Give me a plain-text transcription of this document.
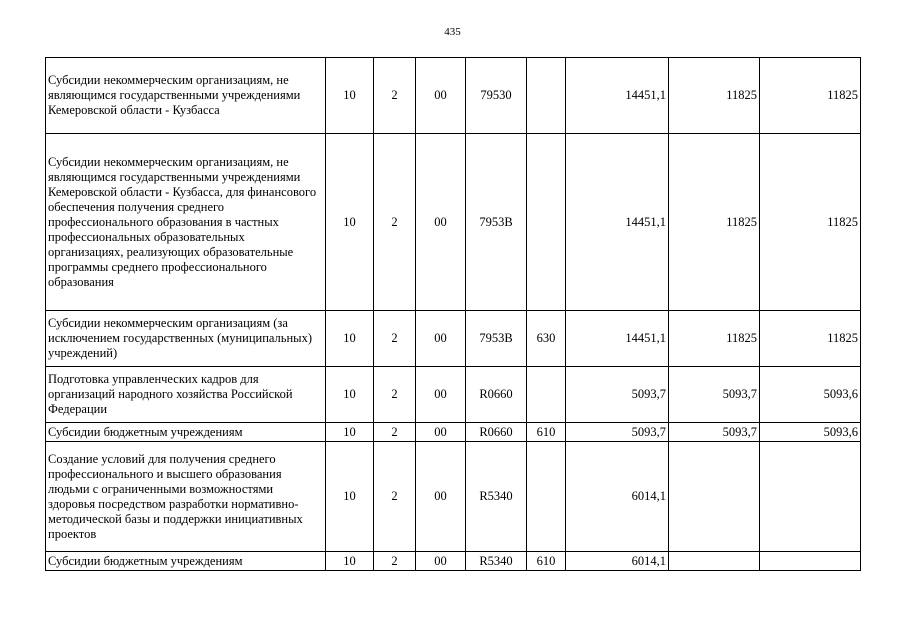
435
Субсидии некоммерческим организациям, не являющимся государственными учреждениями Кемеровской области - Кузбасса	10	2	00	79530		14451,1	11825	11825
Субсидии некоммерческим организациям, не являющимся государственными учреждениями Кемеровской области - Кузбасса, для финансового обеспечения получения среднего профессионального образования в частных профессиональных образовательных организациях, реализующих образовательные программы среднего профессионального образования	10	2	00	7953В		14451,1	11825	11825
Субсидии некоммерческим организациям (за исключением государственных (муниципальных) учреждений)	10	2	00	7953В	630	14451,1	11825	11825
Подготовка управленческих кадров для организаций народного хозяйства Российской Федерации	10	2	00	R0660		5093,7	5093,7	5093,6
Субсидии бюджетным учреждениям	10	2	00	R0660	610	5093,7	5093,7	5093,6
Создание условий для получения среднего профессионального и высшего образования людьми с ограниченными возможностями здоровья посредством разработки нормативно-методической базы и поддержки инициативных проектов	10	2	00	R5340		6014,1		
Субсидии бюджетным учреждениям	10	2	00	R5340	610	6014,1		
